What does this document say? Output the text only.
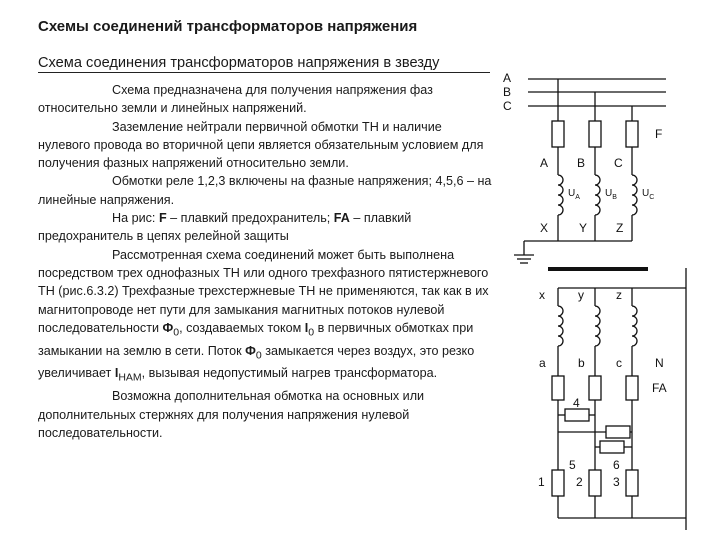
Схемы соединений трансформаторов напряжения
Схема соединения трансформаторов напряжения в звезду

Схема предназначена для получения напряжения фаз относительно земли и линейных напряжений.

Заземление нейтрали первичной обмотки ТН и наличие нулевого провода во вторичной цепи является обязательным условием для получения фазных напряжений относительно земли.

Обмотки реле 1,2,3 включены на фазные напряжения; 4,5,6 – на линейные напряжения.

На рис: F – плавкий предохранитель; FA – плавкий предохранитель в цепях релейной защиты

Рассмотренная схема соединений может быть выполнена посредством трех однофазных ТН или одного трехфазного пятистержневого ТН (рис.6.3.2) Трехфазные трехстержневые ТН не применяются, так как в их магнитопроводе нет пути для замыкания магнитных потоков нулевой последовательности $Ф_0$, создаваемых током $I_0$ в первичных обмотках при замыкании на землю в сети. Поток $Ф_0$ замыкается через воздух, это резко увеличивает $I_{НАМ}$, вызывая недопустимый нагрев трансформатора.

Возможна дополнительная обмотка на основных или дополнительных стержнях для получения напряжения нулевой последовательности.

A
B
C
F
A B C
X	Y Z
$U_A$	$U_B$	$U_C$
x	y	z
a	b	c	N
FA
4
5	6
1	2	3
